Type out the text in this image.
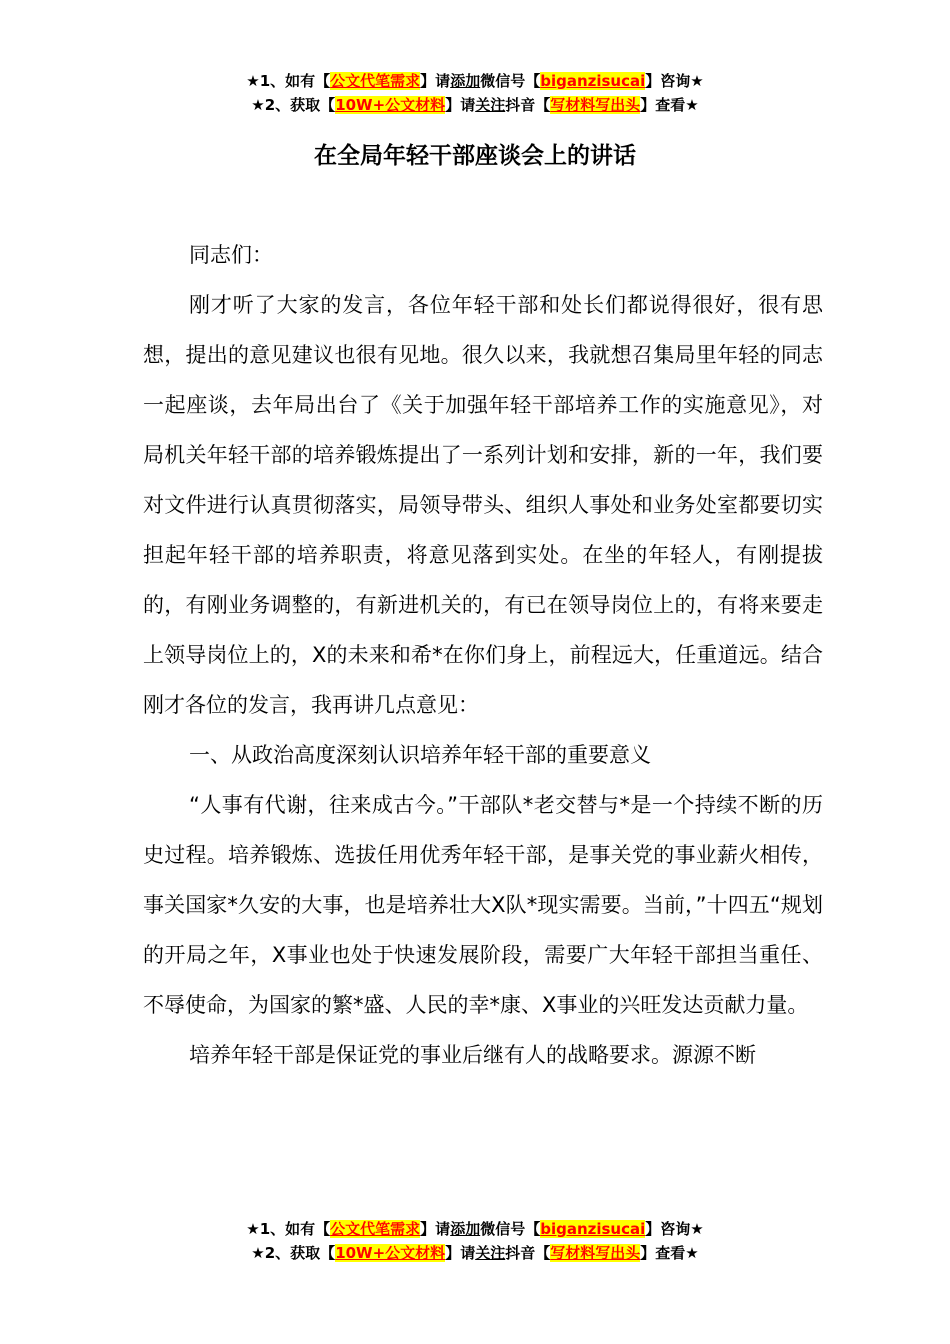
★1、如有【公文代笔需求】请添加微信号【biganzisucai】咨询★
★2、获取【10W+公文材料】请关注抖音【写材料写出头】查看★
在全局年轻干部座谈会上的讲话

同志们：

刚才听了大家的发言，各位年轻干部和处长们都说得很好，很有思想，提出的意见建议也很有见地。很久以来，我就想召集局里年轻的同志一起座谈，去年局出台了《关于加强年轻干部培养工作的实施意见》，对局机关年轻干部的培养锻炼提出了一系列计划和安排，新的一年，我们要对文件进行认真贯彻落实，局领导带头、组织人事处和业务处室都要切实担起年轻干部的培养职责，将意见落到实处。在坐的年轻人，有刚提拔的，有刚业务调整的，有新进机关的，有已在领导岗位上的，有将来要走上领导岗位上的，X的未来和希*在你们身上，前程远大，任重道远。结合刚才各位的发言，我再讲几点意见：

一、从政治高度深刻认识培养年轻干部的重要意义

“人事有代谢，往来成古今。”干部队*老交替与*是一个持续不断的历史过程。培养锻炼、选拔任用优秀年轻干部，是事关党的事业薪火相传，事关国家*久安的大事，也是培养壮大X队*现实需要。当前，”十四五“规划的开局之年，X事业也处于快速发展阶段，需要广大年轻干部担当重任、不辱使命，为国家的繁*盛、人民的幸*康、X事业的兴旺发达贡献力量。

培养年轻干部是保证党的事业后继有人的战略要求。源源不断

★1、如有【公文代笔需求】请添加微信号【biganzisucai】咨询★
★2、获取【10W+公文材料】请关注抖音【写材料写出头】查看★
